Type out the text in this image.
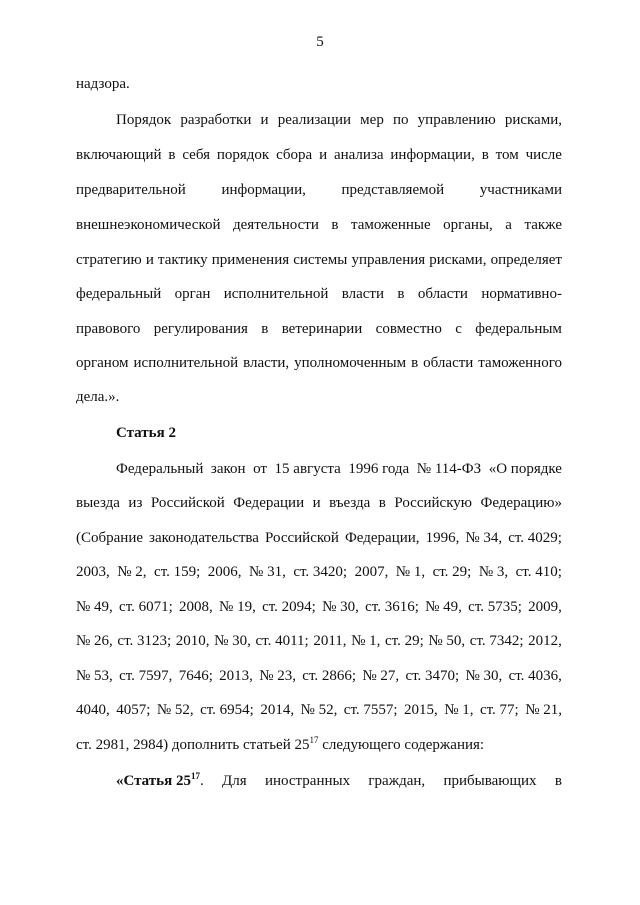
5
надзора.
Порядок разработки и реализации мер по управлению рисками,
включающий в себя порядок сбора и анализа информации, в том числе
предварительной информации, представляемой участниками
внешнеэкономической деятельности в таможенные органы, а также
стратегию и тактику применения системы управления рисками, определяет
федеральный орган исполнительной власти в области нормативно-
правового регулирования в ветеринарии совместно с федеральным
органом исполнительной власти, уполномоченным в области таможенного
дела.».
Статья 2
Федеральный закон от 15 августа 1996 года № 114-ФЗ «О порядке
выезда из Российской Федерации и въезда в Российскую Федерацию»
(Собрание законодательства Российской Федерации, 1996, № 34, ст. 4029;
2003, № 2, ст. 159; 2006, № 31, ст. 3420; 2007, № 1, ст. 29; № 3, ст. 410;
№ 49, ст. 6071; 2008, № 19, ст. 2094; № 30, ст. 3616; № 49, ст. 5735; 2009,
№ 26, ст. 3123; 2010, № 30, ст. 4011; 2011, № 1, ст. 29; № 50, ст. 7342; 2012,
№ 53, ст. 7597, 7646; 2013, № 23, ст. 2866; № 27, ст. 3470; № 30, ст. 4036,
4040, 4057; № 52, ст. 6954; 2014, № 52, ст. 7557; 2015, № 1, ст. 77; № 21,
ст. 2981, 2984) дополнить статьей $25^{17}$ следующего содержания:
«Статья $25^{17}$. Для иностранных граждан, прибывающих в
